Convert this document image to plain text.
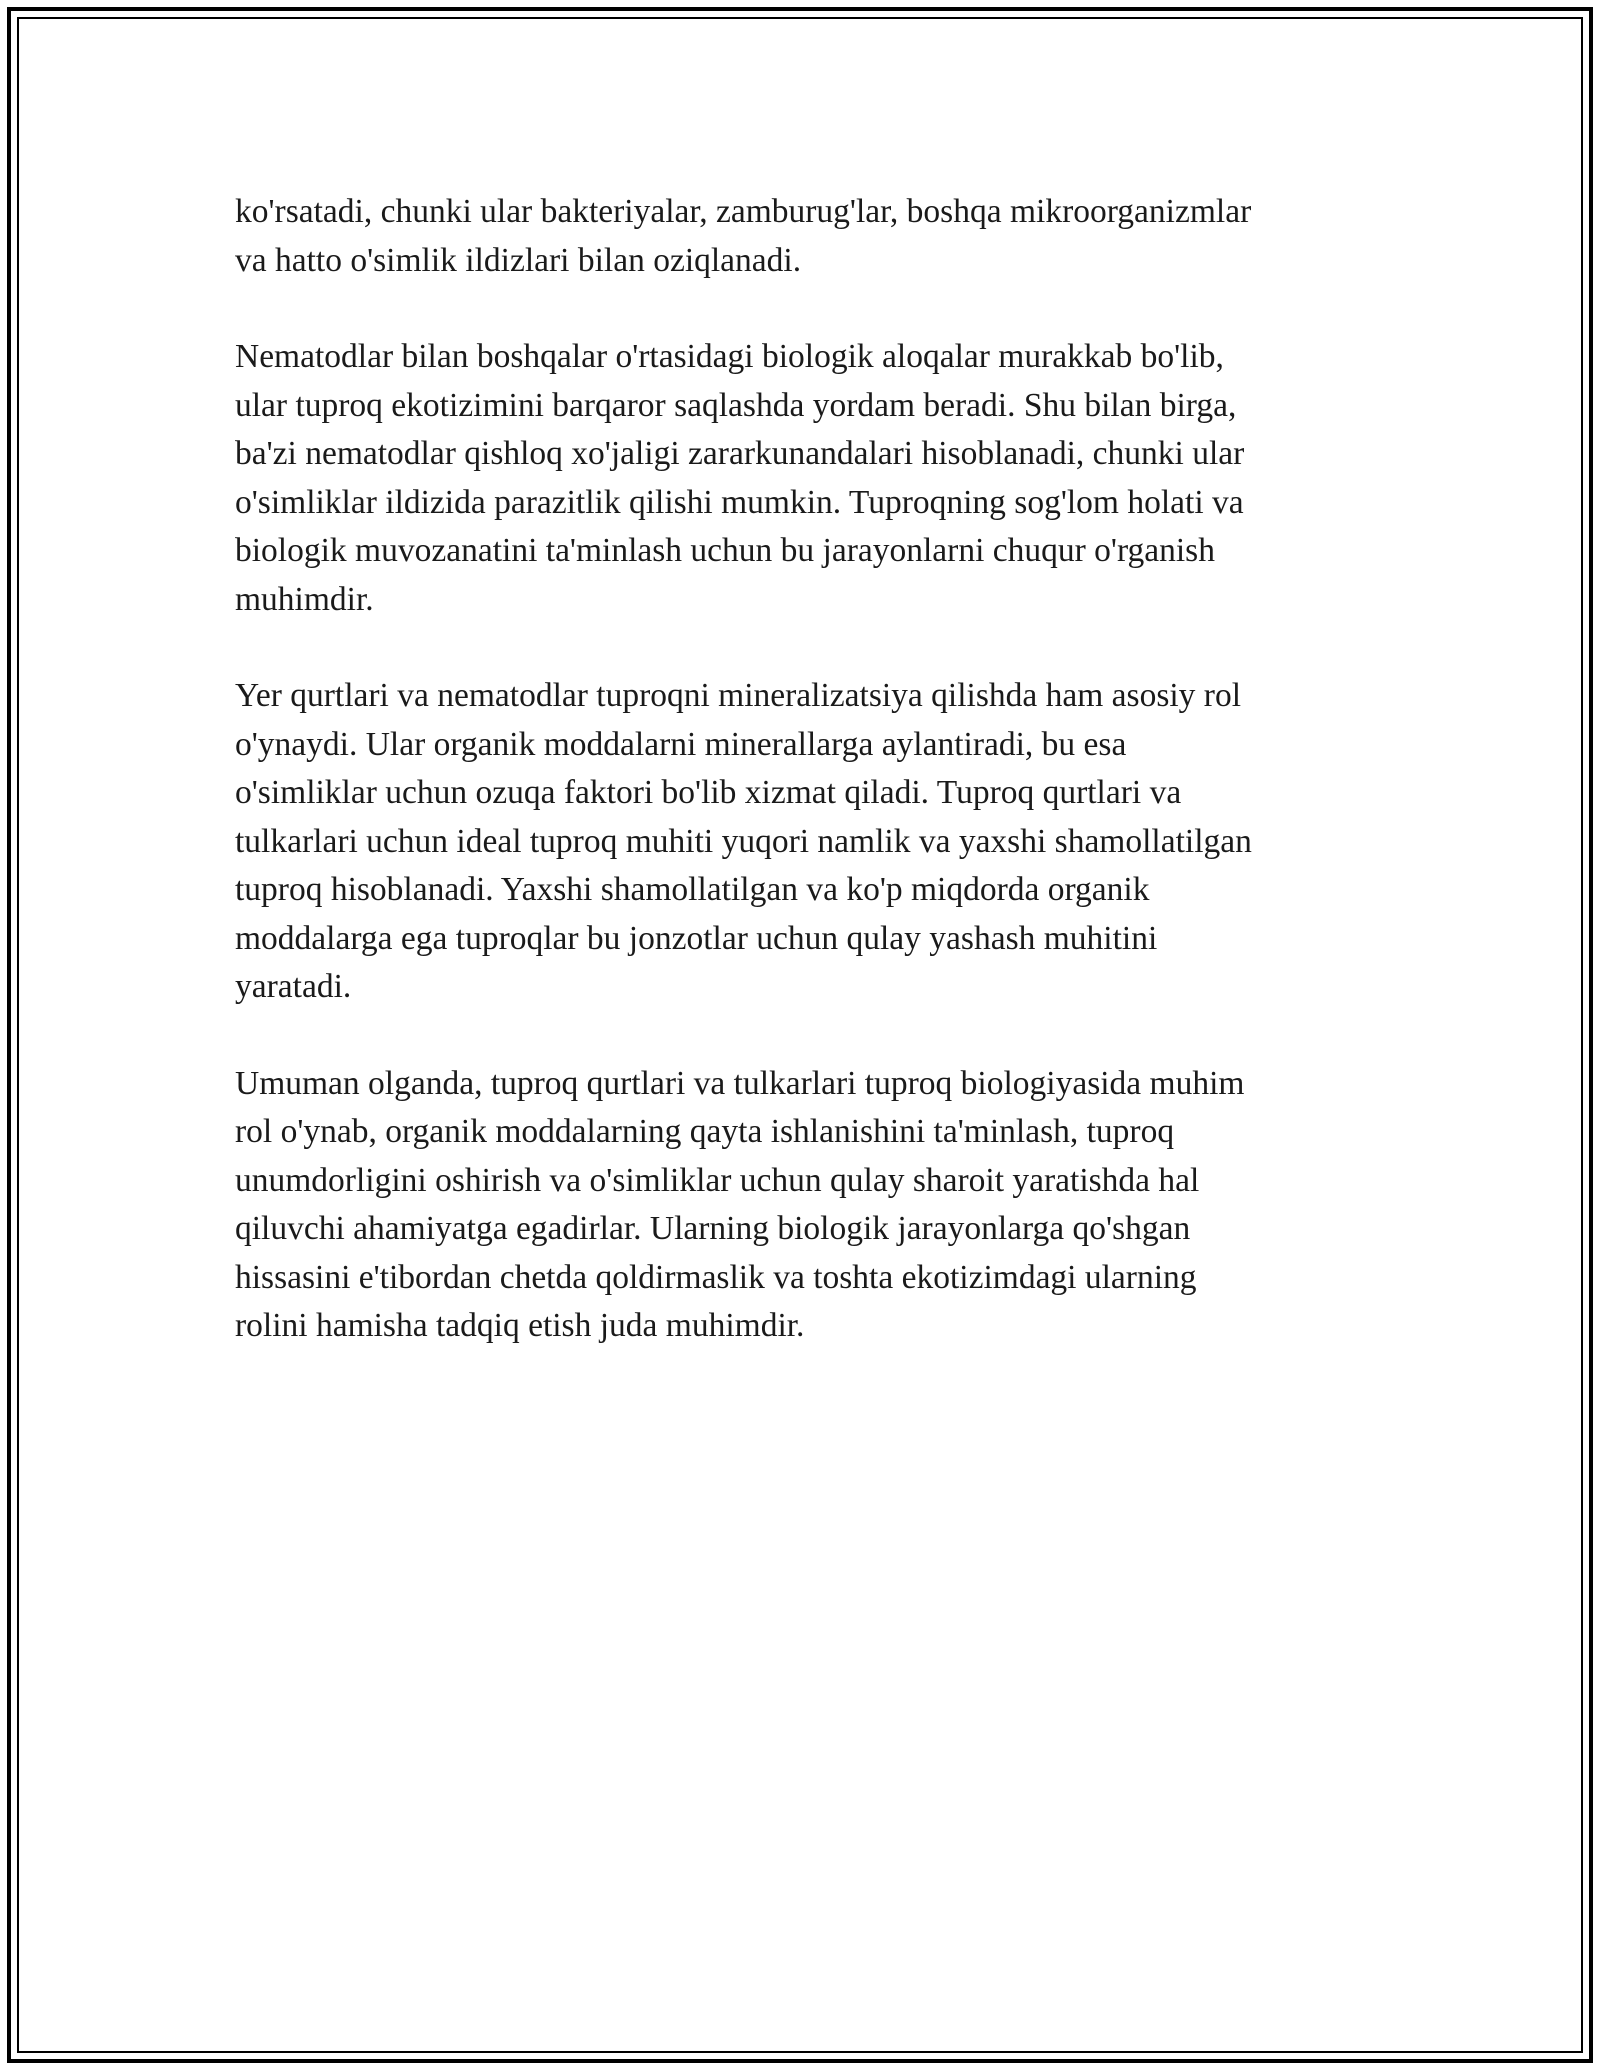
ko'rsatadi, chunki ular bakteriyalar, zamburug'lar, boshqa mikroorganizmlar
va hatto o'simlik ildizlari bilan oziqlanadi.

Nematodlar bilan boshqalar o'rtasidagi biologik aloqalar murakkab bo'lib,
ular tuproq ekotizimini barqaror saqlashda yordam beradi. Shu bilan birga,
ba'zi nematodlar qishloq xo'jaligi zararkunandalari hisoblanadi, chunki ular
o'simliklar ildizida parazitlik qilishi mumkin. Tuproqning sog'lom holati va
biologik muvozanatini ta'minlash uchun bu jarayonlarni chuqur o'rganish
muhimdir.

Yer qurtlari va nematodlar tuproqni mineralizatsiya qilishda ham asosiy rol
o'ynaydi. Ular organik moddalarni minerallarga aylantiradi, bu esa
o'simliklar uchun ozuqa faktori bo'lib xizmat qiladi. Tuproq qurtlari va
tulkarlari uchun ideal tuproq muhiti yuqori namlik va yaxshi shamollatilgan
tuproq hisoblanadi. Yaxshi shamollatilgan va ko'p miqdorda organik
moddalarga ega tuproqlar bu jonzotlar uchun qulay yashash muhitini
yaratadi.

Umuman olganda, tuproq qurtlari va tulkarlari tuproq biologiyasida muhim
rol o'ynab, organik moddalarning qayta ishlanishini ta'minlash, tuproq
unumdorligini oshirish va o'simliklar uchun qulay sharoit yaratishda hal
qiluvchi ahamiyatga egadirlar. Ularning biologik jarayonlarga qo'shgan
hissasini e'tibordan chetda qoldirmaslik va toshta ekotizimdagi ularning
rolini hamisha tadqiq etish juda muhimdir.
